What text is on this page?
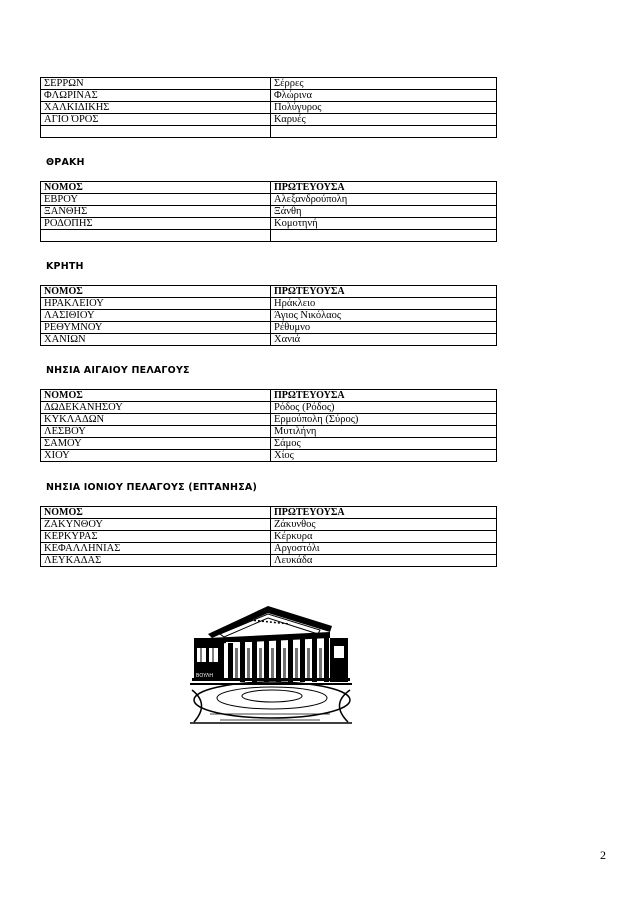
ΣΕΡΡΩΝ	Σέρρες
ΦΛΩΡΙΝΑΣ	Φλώρινα
ΧΑΛΚΙΔΙΚΗΣ	Πολύγυρος
ΑΓΙΟ ΌΡΟΣ	Καρυές

ΘΡΑΚΗ
ΝΟΜΟΣ	ΠΡΩΤΕΥΟΥΣΑ
ΕΒΡΟΥ	Αλεξανδρούπολη
ΞΑΝΘΗΣ	Ξάνθη
ΡΟΔΟΠΗΣ	Κομοτηνή

ΚΡΗΤΗ
ΝΟΜΟΣ	ΠΡΩΤΕΥΟΥΣΑ
ΗΡΑΚΛΕΙΟΥ	Ηράκλειο
ΛΑΣΙΘΙΟΥ	Άγιος Νικόλαος
ΡΕΘΥΜΝΟΥ	Ρέθυμνο
ΧΑΝΙΩΝ	Χανιά
ΝΗΣΙΑ ΑΙΓΑΙΟΥ ΠΕΛΑΓΟΥΣ
ΝΟΜΟΣ	ΠΡΩΤΕΥΟΥΣΑ
ΔΩΔΕΚΑΝΗΣΟΥ	Ρόδος (Ρόδος)
ΚΥΚΛΑΔΩΝ	Ερμούπολη (Σύρος)
ΛΕΣΒΟΥ	Μυτιλήνη
ΣΑΜΟΥ	Σάμος
ΧΙΟΥ	Χίος
ΝΗΣΙΑ ΙΟΝΙΟΥ ΠΕΛΑΓΟΥΣ (ΕΠΤΑΝΗΣΑ)
ΝΟΜΟΣ	ΠΡΩΤΕΥΟΥΣΑ
ΖΑΚΥΝΘΟΥ	Ζάκυνθος
ΚΕΡΚΥΡΑΣ	Κέρκυρα
ΚΕΦΑΛΛΗΝΙΑΣ	Αργοστόλι
ΛΕΥΚΑΔΑΣ	Λευκάδα
ΒΟΥΛΗ
2
